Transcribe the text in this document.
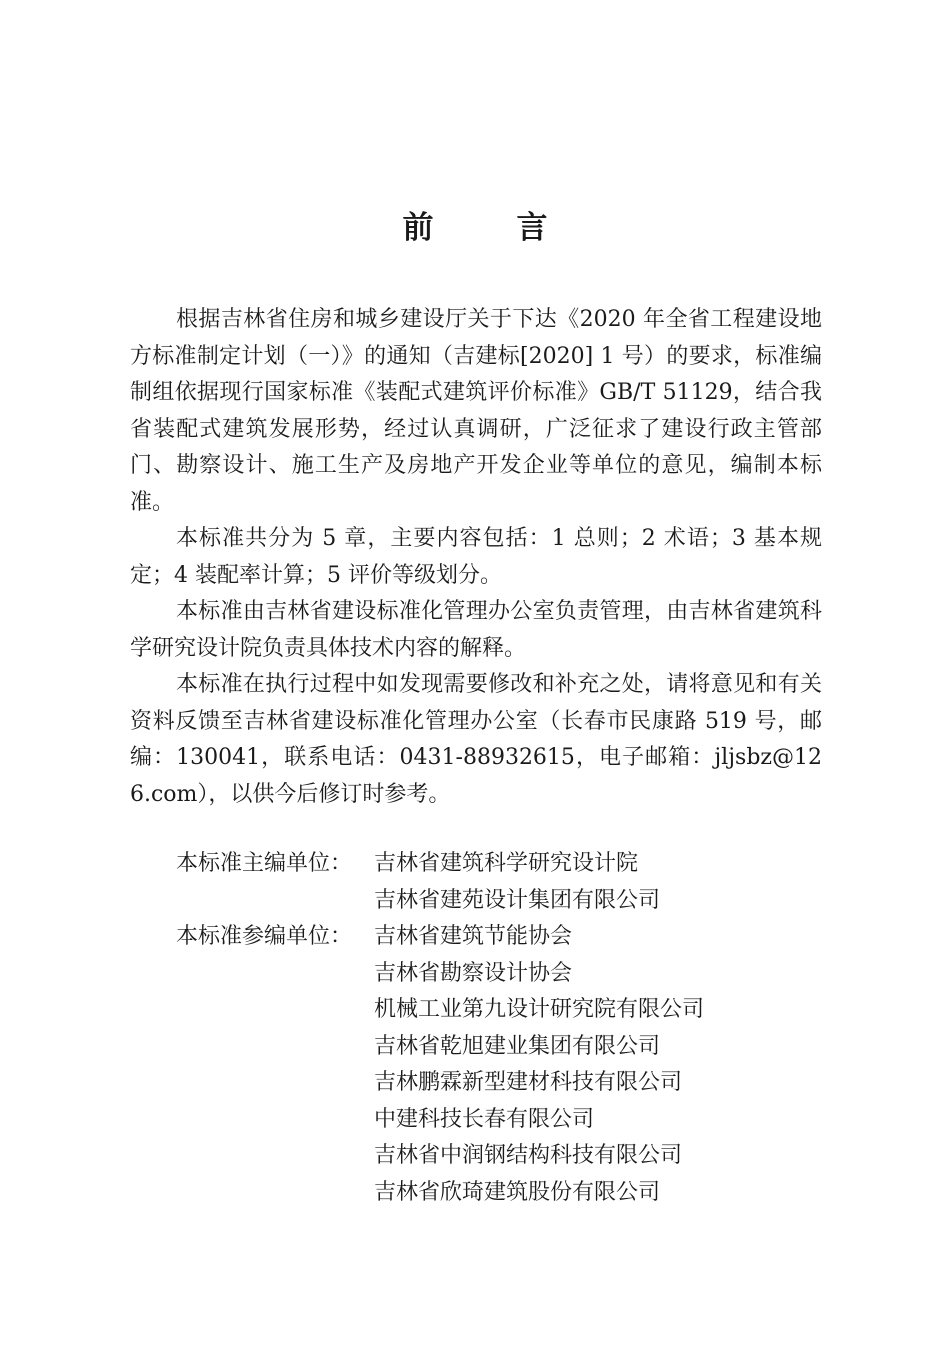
前　言

根据吉林省住房和城乡建设厅关于下达《2020 年全省工程建设地方标准制定计划（一）》的通知（吉建标[2020] 1 号）的要求，标准编制组依据现行国家标准《装配式建筑评价标准》GB/T 51129，结合我省装配式建筑发展形势，经过认真调研，广泛征求了建设行政主管部门、勘察设计、施工生产及房地产开发企业等单位的意见，编制本标准。

本标准共分为 5 章，主要内容包括：1 总则；2 术语；3 基本规定；4 装配率计算；5 评价等级划分。

本标准由吉林省建设标准化管理办公室负责管理，由吉林省建筑科学研究设计院负责具体技术内容的解释。

本标准在执行过程中如发现需要修改和补充之处，请将意见和有关资料反馈至吉林省建设标准化管理办公室（长春市民康路 519 号，邮编：130041，联系电话：0431-88932615，电子邮箱：jljsbz@126.com），以供今后修订时参考。

本标准主编单位： 吉林省建筑科学研究设计院
吉林省建苑设计集团有限公司

本标准参编单位： 吉林省建筑节能协会
吉林省勘察设计协会
机械工业第九设计研究院有限公司
吉林省乾旭建业集团有限公司
吉林鹏霖新型建材科技有限公司
中建科技长春有限公司
吉林省中润钢结构科技有限公司
吉林省欣琦建筑股份有限公司
